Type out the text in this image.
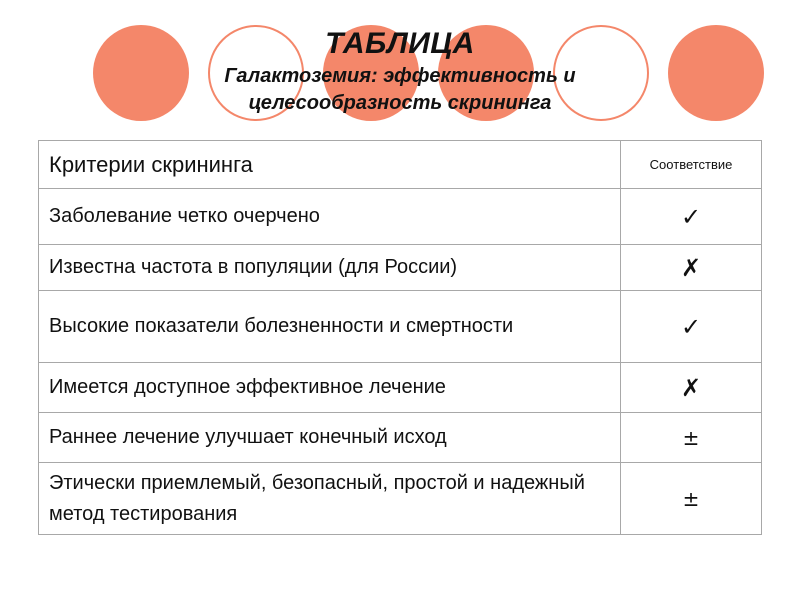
ТАБЛИЦА
Галактоземия: эффективность и
целесообразность скрининга
Критерии скрининга	Соответствие
Заболевание четко очерчено	✓
Известна частота в популяции (для России)	✗
Высокие показатели болезненности и смертности	✓
Имеется доступное эффективное лечение	✗
Раннее лечение улучшает конечный исход	±
Этически приемлемый, безопасный, простой и надежный метод тестирования	±
